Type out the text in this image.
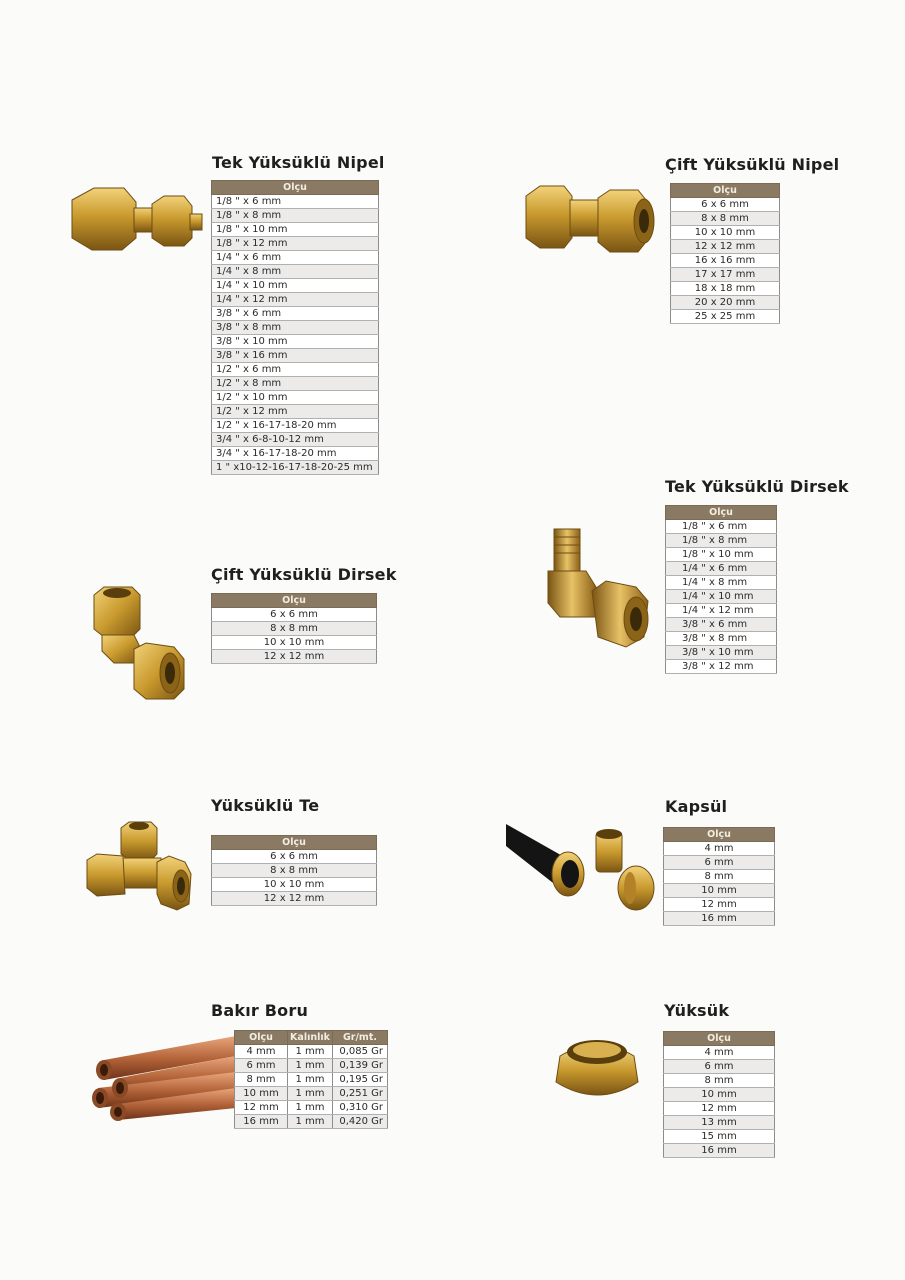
Tek Yüksüklü Nipel
Olçu
1/8 " x 6 mm
1/8 " x 8 mm
1/8 " x 10 mm
1/8 " x 12 mm
1/4 " x 6 mm
1/4 " x 8 mm
1/4 " x 10 mm
1/4 " x 12 mm
3/8 " x 6 mm
3/8 " x 8 mm
3/8 " x 10 mm
3/8 " x 16 mm
1/2 " x 6 mm
1/2 " x 8 mm
1/2 " x 10 mm
1/2 " x 12 mm
1/2 " x 16-17-18-20 mm
3/4 " x 6-8-10-12 mm
3/4 " x 16-17-18-20 mm
1 " x10-12-16-17-18-20-25 mm
Çift Yüksüklü Nipel
Olçu
6 x 6 mm
8 x 8 mm
10 x 10 mm
12 x 12 mm
16 x 16 mm
17 x 17 mm
18 x 18 mm
20 x 20 mm
25 x 25 mm
Tek Yüksüklü Dirsek
Olçu
1/8 " x 6 mm
1/8 " x 8 mm
1/8 " x 10 mm
1/4 " x 6 mm
1/4 " x 8 mm
1/4 " x 10 mm
1/4 " x 12 mm
3/8 " x 6 mm
3/8 " x 8 mm
3/8 " x 10 mm
3/8 " x 12 mm
Çift Yüksüklü Dirsek
Olçu
6 x 6 mm
8 x 8 mm
10 x 10 mm
12 x 12 mm
Yüksüklü Te
Olçu
6 x 6 mm
8 x 8 mm
10 x 10 mm
12 x 12 mm
Kapsül
Olçu
4 mm
6 mm
8 mm
10 mm
12 mm
16 mm
Bakır Boru
Olçu	Kalınlık	Gr/mt.
4 mm	1 mm	0,085 Gr
6 mm	1 mm	0,139 Gr
8 mm	1 mm	0,195 Gr
10 mm	1 mm	0,251 Gr
12 mm	1 mm	0,310 Gr
16 mm	1 mm	0,420 Gr
Yüksük
Olçu
4 mm
6 mm
8 mm
10 mm
12 mm
13 mm
15 mm
16 mm
